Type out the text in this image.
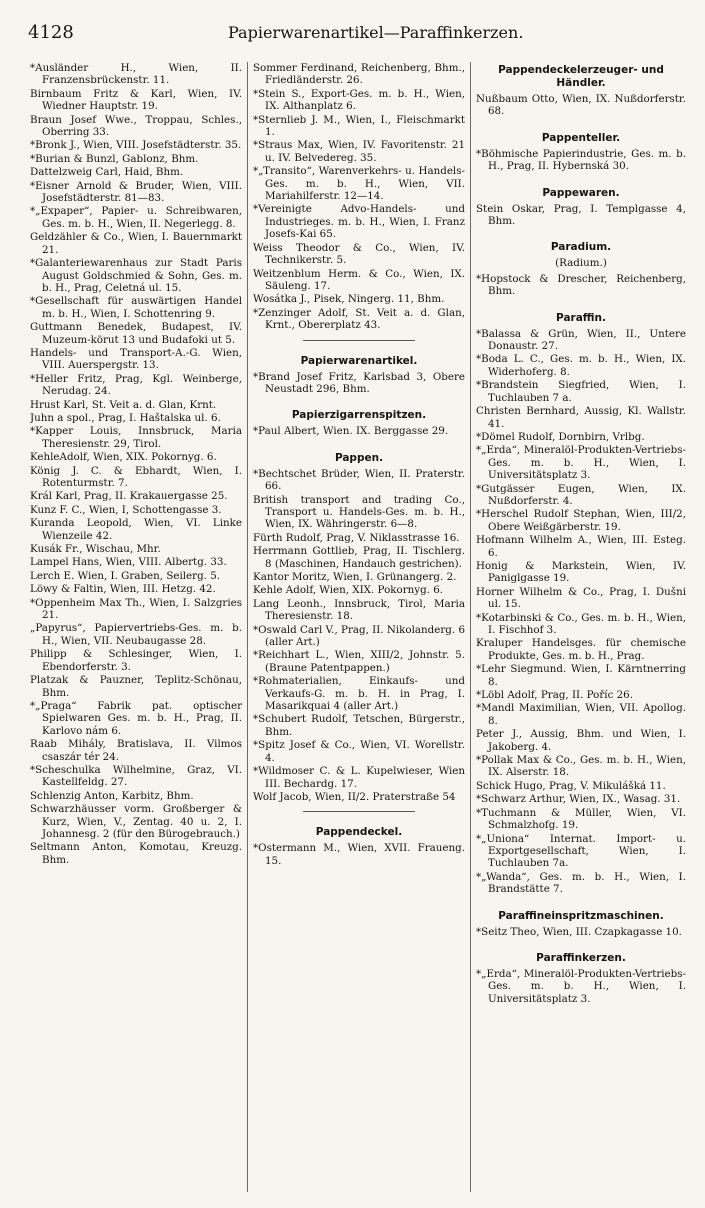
4128	Papierwarenartikel—Paraffinkerzen.
*Ausländer H., Wien, II. Franzensbrückenstr. 11.
Birnbaum Fritz & Karl, Wien, IV. Wiedner Hauptstr. 19.
Braun Josef Wwe., Troppau, Schles., Oberring 33.
*Bronk J., Wien, VIII. Josefstädterstr. 35.
*Burian & Bunzl, Gablonz, Bhm.
Dattelzweig Carl, Haid, Bhm.
*Eisner Arnold & Bruder, Wien, VIII. Josefstädterstr. 81—83.
*„Expaper“, Papier- u. Schreibwaren, Ges. m. b. H., Wien, II. Negerlegg. 8.
Geldzähler & Co., Wien, I. Bauernmarkt 21.
*Galanteriewarenhaus zur Stadt Paris August Goldschmied & Sohn, Ges. m. b. H., Prag, Celetná ul. 15.
*Gesellschaft für auswärtigen Handel m. b. H., Wien, I. Schottenring 9.
Guttmann Benedek, Budapest, IV. Muzeum-körut 13 und Budafoki ut 5.
Handels- und Transport-A.-G. Wien, VIII. Auerspergstr. 13.
*Heller Fritz, Prag, Kgl. Weinberge, Nerudag. 24.
Hrust Karl, St. Veit a. d. Glan, Krnt.
Juhn a spol., Prag, I. Haštalska ul. 6.
*Kapper Louis, Innsbruck, Maria Theresienstr. 29, Tirol.
KehleAdolf, Wien, XIX. Pokornyg. 6.
König J. C. & Ebhardt, Wien, I. Rotenturmstr. 7.
Král Karl, Prag, II. Krakauergasse 25.
Kunz F. C., Wien, I, Schottengasse 3.
Kuranda Leopold, Wien, VI. Linke Wienzeile 42.
Kusák Fr., Wischau, Mhr.
Lampel Hans, Wien, VIII. Albertg. 33.
Lerch E. Wien, I. Graben, Seilerg. 5.
Löwy & Faltin, Wien, III. Hetzg. 42.
*Oppenheim Max Th., Wien, I. Salzgries 21.
„Papyrus“, Papiervertriebs-Ges. m. b. H., Wien, VII. Neubaugasse 28.
Philipp & Schlesinger, Wien, I. Ebendorferstr. 3.
Platzak & Pauzner, Teplitz-Schönau, Bhm.
*„Praga“ Fabrik pat. optischer Spielwaren Ges. m. b. H., Prag, II. Karlovo nám 6.
Raab Mihály, Bratislava, II. Vilmos csaszár tér 24.
*Scheschulka Wilhelmine, Graz, VI. Kastellfeldg. 27.
Schlenzig Anton, Karbitz, Bhm.
Schwarzhäusser vorm. Großberger & Kurz, Wien, V., Zentag. 40 u. 2, I. Johannesg. 2 (für den Bürogebrauch.)
Seltmann Anton, Komotau, Kreuzg. Bhm.
Sommer Ferdinand, Reichenberg, Bhm., Friedländerstr. 26.
*Stein S., Export-Ges. m. b. H., Wien, IX. Althanplatz 6.
*Sternlieb J. M., Wien, I., Fleischmarkt 1.
*Straus Max, Wien, IV. Favoritenstr. 21 u. IV. Belvedereg. 35.
*„Transito“, Warenverkehrs- u. Handels-Ges. m. b. H., Wien, VII. Mariahilferstr. 12—14.
*Vereinigte Advo-Handels- und Industrieges. m. b. H., Wien, I. Franz Josefs-Kai 65.
Weiss Theodor & Co., Wien, IV. Technikerstr. 5.
Weitzenblum Herm. & Co., Wien, IX. Säuleng. 17.
Wosátka J., Pisek, Ningerg. 11, Bhm.
*Zenzinger Adolf, St. Veit a. d. Glan, Krnt., Obererplatz 43.
Papierwarenartikel.
*Brand Josef Fritz, Karlsbad 3, Obere Neustadt 296, Bhm.
Papierzigarrenspitzen.
*Paul Albert, Wien. IX. Berggasse 29.
Pappen.
*Bechtschet Brüder, Wien, II. Praterstr. 66.
British transport and trading Co., Transport u. Handels-Ges. m. b. H., Wien, IX. Währingerstr. 6—8.
Fürth Rudolf, Prag, V. Niklasstrasse 16.
Herrmann Gottlieb, Prag, II. Tischlerg. 8 (Maschinen, Handauch gestrichen).
Kantor Moritz, Wien, I. Grünangerg. 2.
Kehle Adolf, Wien, XIX. Pokornyg. 6.
Lang Leonh., Innsbruck, Tirol, Maria Theresienstr. 18.
*Oswald Carl V., Prag, II. Nikolanderg. 6 (aller Art.)
*Reichhart L., Wien, XIII/2, Johnstr. 5. (Braune Patentpappen.)
*Rohmaterialien, Einkaufs- und Verkaufs-G. m. b. H. in Prag, I. Masarikquai 4 (aller Art.)
*Schubert Rudolf, Tetschen, Bürgerstr., Bhm.
*Spitz Josef & Co., Wien, VI. Worellstr. 4.
*Wildmoser C. & L. Kupelwieser, Wien III. Bechardg. 17.
Wolf Jacob, Wien, II/2. Praterstraße 54
Pappendeckel.
*Ostermann M., Wien, XVII. Fraueng. 15.
Pappendeckelerzeuger- und Händler.
Nußbaum Otto, Wien, IX. Nußdorferstr. 68.
Pappenteller.
*Böhmische Papierindustrie, Ges. m. b. H., Prag, II. Hybernská 30.
Pappewaren.
Stein Oskar, Prag, I. Templgasse 4, Bhm.
Paradium.
(Radium.)
*Hopstock & Drescher, Reichenberg, Bhm.
Paraffin.
*Balassa & Grün, Wien, II., Untere Donaustr. 27.
*Boda L. C., Ges. m. b. H., Wien, IX. Widerhoferg. 8.
*Brandstein Siegfried, Wien, I. Tuchlauben 7 a.
Christen Bernhard, Aussig, Kl. Wallstr. 41.
*Dömel Rudolf, Dornbirn, Vrlbg.
*„Erda“, Mineralöl-Produkten-Vertriebs-Ges. m. b. H., Wien, I. Universitätsplatz 3.
*Gutgässer Eugen, Wien, IX. Nußdorferstr. 4.
*Herschel Rudolf Stephan, Wien, III/2, Obere Weißgärberstr. 19.
Hofmann Wilhelm A., Wien, III. Esteg. 6.
Honig & Markstein, Wien, IV. Paniglgasse 19.
Horner Wilhelm & Co., Prag, I. Dušni ul. 15.
*Kotarbinski & Co., Ges. m. b. H., Wien, I. Fischhof 3.
Kraluper Handelsges. für chemische Produkte, Ges. m. b. H., Prag.
*Lehr Siegmund. Wien, I. Kärntnerring 8.
*Löbl Adolf, Prag, II. Poříc 26.
*Mandl Maximilian, Wien, VII. Apollog. 8.
Peter J., Aussig, Bhm. und Wien, I. Jakoberg. 4.
*Pollak Max & Co., Ges. m. b. H., Wien, IX. Alserstr. 18.
Schick Hugo, Prag, V. Mikulášká 11.
*Schwarz Arthur, Wien, IX., Wasag. 31.
*Tuchmann & Müller, Wien, VI. Schmalzhofg. 19.
*„Uniona“ Internat. Import- u. Exportgesellschaft, Wien, I. Tuchlauben 7a.
*„Wanda“, Ges. m. b. H., Wien, I. Brandstätte 7.
Paraffineinspritzmaschinen.
*Seitz Theo, Wien, III. Czapkagasse 10.
Paraffinkerzen.
*„Erda“, Mineralöl-Produkten-Vertriebs-Ges. m. b. H., Wien, I. Universitätsplatz 3.
